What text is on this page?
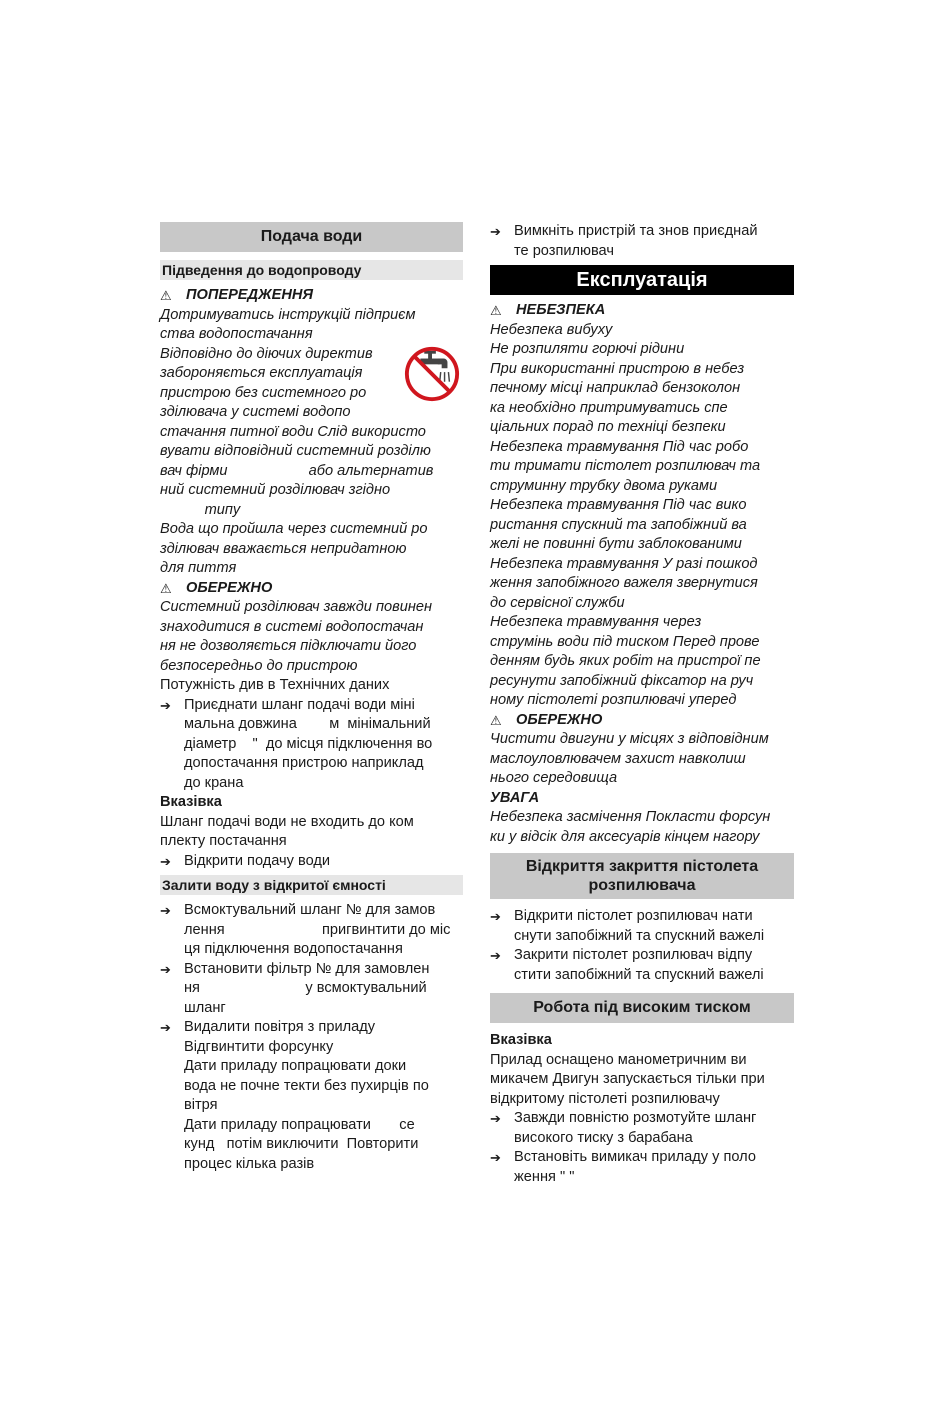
Подача води
Підведення до водопроводу
⚠ ПОПЕРЕДЖЕННЯ
Дотримуватись інструкцій підприєм
ства водопостачання
Відповідно до діючих директив
забороняється експлуатація
пристрою без системного ро
зділювача у системі водопо
стачання питної води Слід використо
вувати відповідний системний розділю
вач фірми                    або альтернатив
ний системний розділювач згідно
типу
Вода що пройшла через системний ро
зділювач вважається непридатною
для пиття
⚠ ОБЕРЕЖНО
Системний розділювач завжди повинен
знаходитися в системі водопостачан
ня не дозволяється підключати його
безпосередньо до пристрою
Потужність див в Технічних даних
➔ Приєднати шланг подачі води міні
мальна довжина        м  мінімальний
діаметр    "  до місця підключення во
допостачання пристрою наприклад
до крана
Вказівка
Шланг подачі води не входить до ком
плекту постачання
➔ Відкрити подачу води
Залити воду з відкритої ємності
➔ Всмоктувальний шланг № для замов
лення                        пригвинтити до міс
ця підключення водопостачання
➔ Встановити фільтр № для замовлен
ня                          у всмоктувальний
шланг
➔ Видалити повітря з приладу
Відгвинтити форсунку
Дати приладу попрацювати доки
вода не почне текти без пухирців по
вітря
Дати приладу попрацювати       се
кунд   потім виключити  Повторити
процес кілька разів
➔ Вимкніть пристрій та знов приєднай
те розпилювач
Експлуатація
⚠ НЕБЕЗПЕКА
Небезпека вибуху
Не розпиляти горючі рідини
При використанні пристрою в небез
печному місці наприклад бензоколон
ка необхідно притримуватись спе
ціальних порад по техніці безпеки
Небезпека травмування Під час робо
ти тримати пістолет розпилювач та
струминну трубку двома руками
Небезпека травмування Під час вико
ристання спускний та запобіжний ва
желі не повинні бути заблокованими
Небезпека травмування У разі пошкод
ження запобіжного важеля звернутися
до сервісної служби
Небезпека травмування через
струмінь води під тиском Перед прове
денням будь яких робіт на пристрої пе
ресунути запобіжний фіксатор на руч
ному пістолеті розпилювачі уперед
⚠ ОБЕРЕЖНО
Чистити двигуни у місцях з відповідним
маслоуловлювачем захист навколиш
нього середовища
УВАГА
Небезпека засмічення Покласти форсун
ки у відсік для аксесуарів кінцем нагору
Відкриття закриття пістолета
розпилювача
➔ Відкрити пістолет розпилювач нати
снути запобіжний та спускний важелі
➔ Закрити пістолет розпилювач відпу
стити запобіжний та спускний важелі
Робота під високим тиском
Вказівка
Прилад оснащено манометричним ви
микачем Двигун запускається тільки при
відкритому пістолеті розпилювачу
➔ Завжди повністю розмотуйте шланг
високого тиску з барабана
➔ Встановіть вимикач приладу у поло
ження " "
